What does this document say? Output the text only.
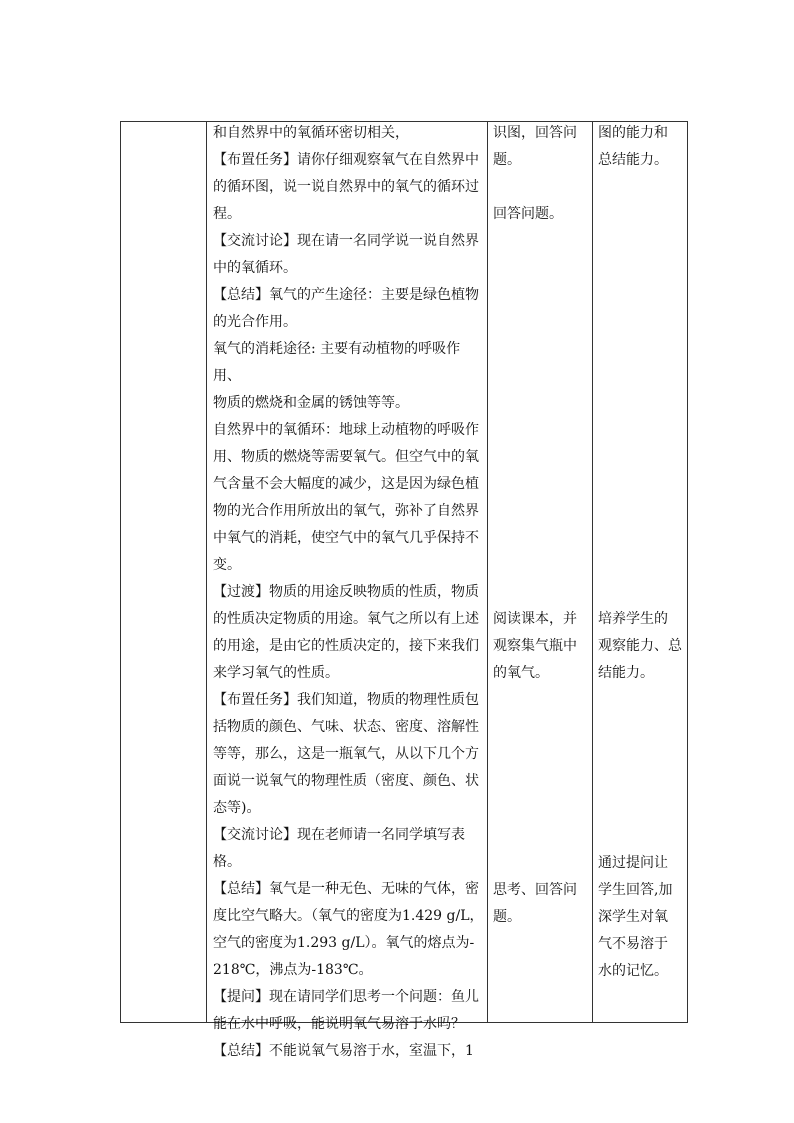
和自然界中的氧循环密切相关，

【布置任务】请你仔细观察氧气在自然界中

的循环图，说一说自然界中的氧气的循环过

程。

【交流讨论】现在请一名同学说一说自然界

中的氧循环。

【总结】氧气的产生途径：主要是绿色植物

的光合作用。

氧气的消耗途径: 主要有动植物的呼吸作用、

物质的燃烧和金属的锈蚀等等。

自然界中的氧循环：地球上动植物的呼吸作

用、物质的燃烧等需要氧气。但空气中的氧

气含量不会大幅度的减少，这是因为绿色植

物的光合作用所放出的氧气，弥补了自然界

中氧气的消耗，使空气中的氧气几乎保持不

变。

【过渡】物质的用途反映物质的性质，物质

的性质决定物质的用途。氧气之所以有上述

的用途，是由它的性质决定的，接下来我们

来学习氧气的性质。

【布置任务】我们知道，物质的物理性质包

括物质的颜色、气味、状态、密度、溶解性

等等，那么，这是一瓶氧气，从以下几个方

面说一说氧气的物理性质（密度、颜色、状

态等)。

【交流讨论】现在老师请一名同学填写表格。

【总结】氧气是一种无色、无味的气体，密

度比空气略大。（氧气的密度为1.429 g/L，

空气的密度为1.293 g/L）。氧气的熔点为-

218℃，沸点为-183℃。

【提问】现在请同学们思考一个问题：鱼儿

能在水中呼吸，能说明氧气易溶于水吗？

【总结】不能说氧气易溶于水，室温下，1

识图，回答问

题。

回答问题。

阅读课本，并

观察集气瓶中

的氧气。

思考、回答问

题。

图的能力和

总结能力。

培养学生的

观察能力、总

结能力。

通过提问让

学生回答,加

深学生对氧

气不易溶于

水的记忆。
